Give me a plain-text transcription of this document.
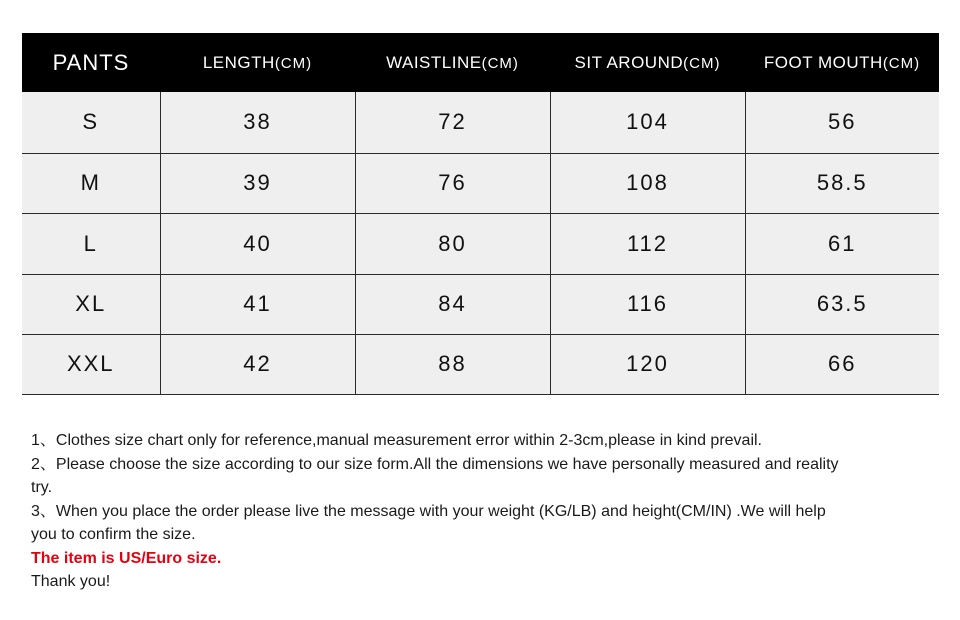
PANTS	LENGTH(CM)	WAISTLINE(CM)	SIT AROUND(CM)	FOOT MOUTH(CM)
S	38	72	104	56
M	39	76	108	58.5
L	40	80	112	61
XL	41	84	116	63.5
XXL	42	88	120	66

1、Clothes size chart only for reference,manual measurement error within 2-3cm,please in kind prevail.

2、Please choose the size according to our size form.All the dimensions we have personally measured and reality try.

3、When you place the order please live the message with your weight (KG/LB) and height(CM/IN) .We will help you to confirm the size.

The item is US/Euro size.

Thank you!
